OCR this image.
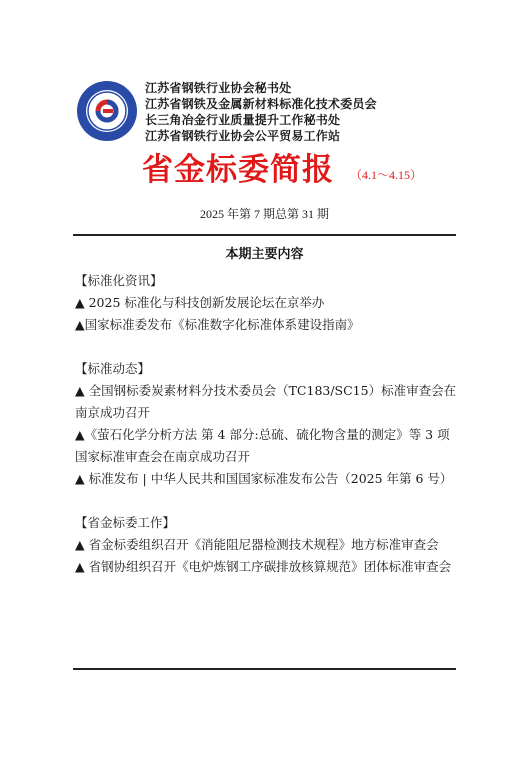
江苏省钢铁行业协会秘书处
江苏省钢铁及金属新材料标准化技术委员会
长三角冶金行业质量提升工作秘书处
江苏省钢铁行业协会公平贸易工作站
省金标委简报 （4.1～4.15）
2025 年第 7 期总第 31 期
本期主要内容
【标准化资讯】

▲ 2025 标准化与科技创新发展论坛在京举办

▲国家标准委发布《标准数字化标准体系建设指南》

【标准动态】

▲ 全国钢标委炭素材料分技术委员会（TC183/SC15）标准审查会在南京成功召开

▲《萤石化学分析方法 第 4 部分:总硫、硫化物含量的测定》等 3 项国家标准审查会在南京成功召开

▲ 标准发布 | 中华人民共和国国家标准发布公告（2025 年第 6 号）

【省金标委工作】

▲ 省金标委组织召开《消能阻尼器检测技术规程》地方标准审查会

▲ 省钢协组织召开《电炉炼钢工序碳排放核算规范》团体标准审查会
